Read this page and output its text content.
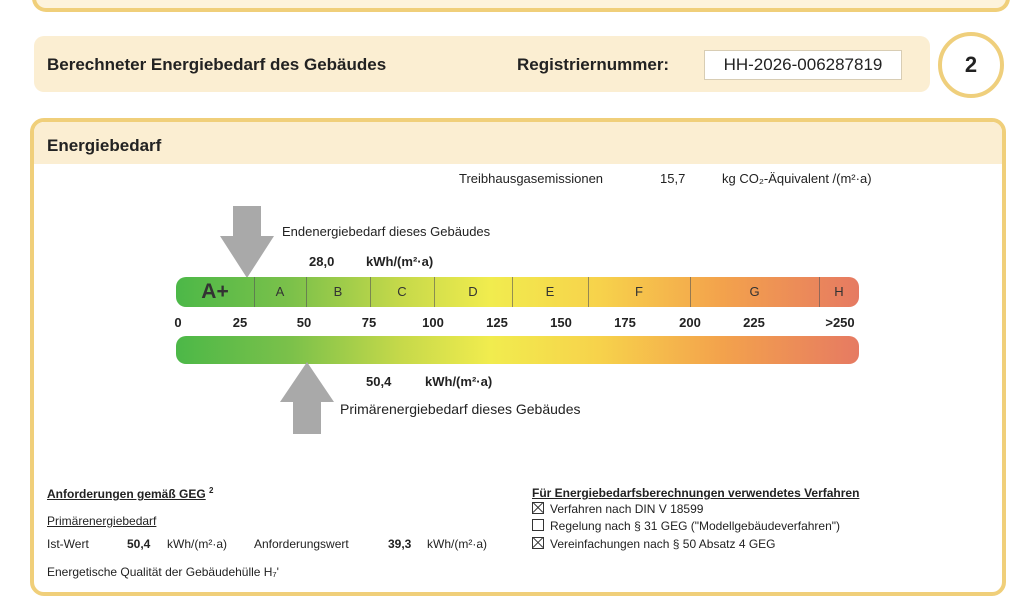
Berechneter Energiebedarf des Gebäudes	Registriernummer:	HH-2026-006287819	2
Energiebedarf
Treibhausgasemissionen	15,7	kg CO₂-Äquivalent /(m²·a)
Endenergiebedarf dieses Gebäudes
28,0 kWh/(m²·a)
A+	A	B	C	D	E	F	G	H
0	25	50	75	100	125	150	175	200	225	>250
50,4	kWh/(m²·a)
Primärenergiebedarf dieses Gebäudes
Anforderungen gemäß GEG $^2$
Primärenergiebedarf
Ist-Wert	50,4 kWh/(m²·a) Anforderungswert	39,3 kWh/(m²·a)
Energetische Qualität der Gebäudehülle H₇'
Für Energiebedarfsberechnungen verwendetes Verfahren
Verfahren nach DIN V 18599
Regelung nach § 31 GEG ("Modellgebäudeverfahren")
Vereinfachungen nach § 50 Absatz 4 GEG
